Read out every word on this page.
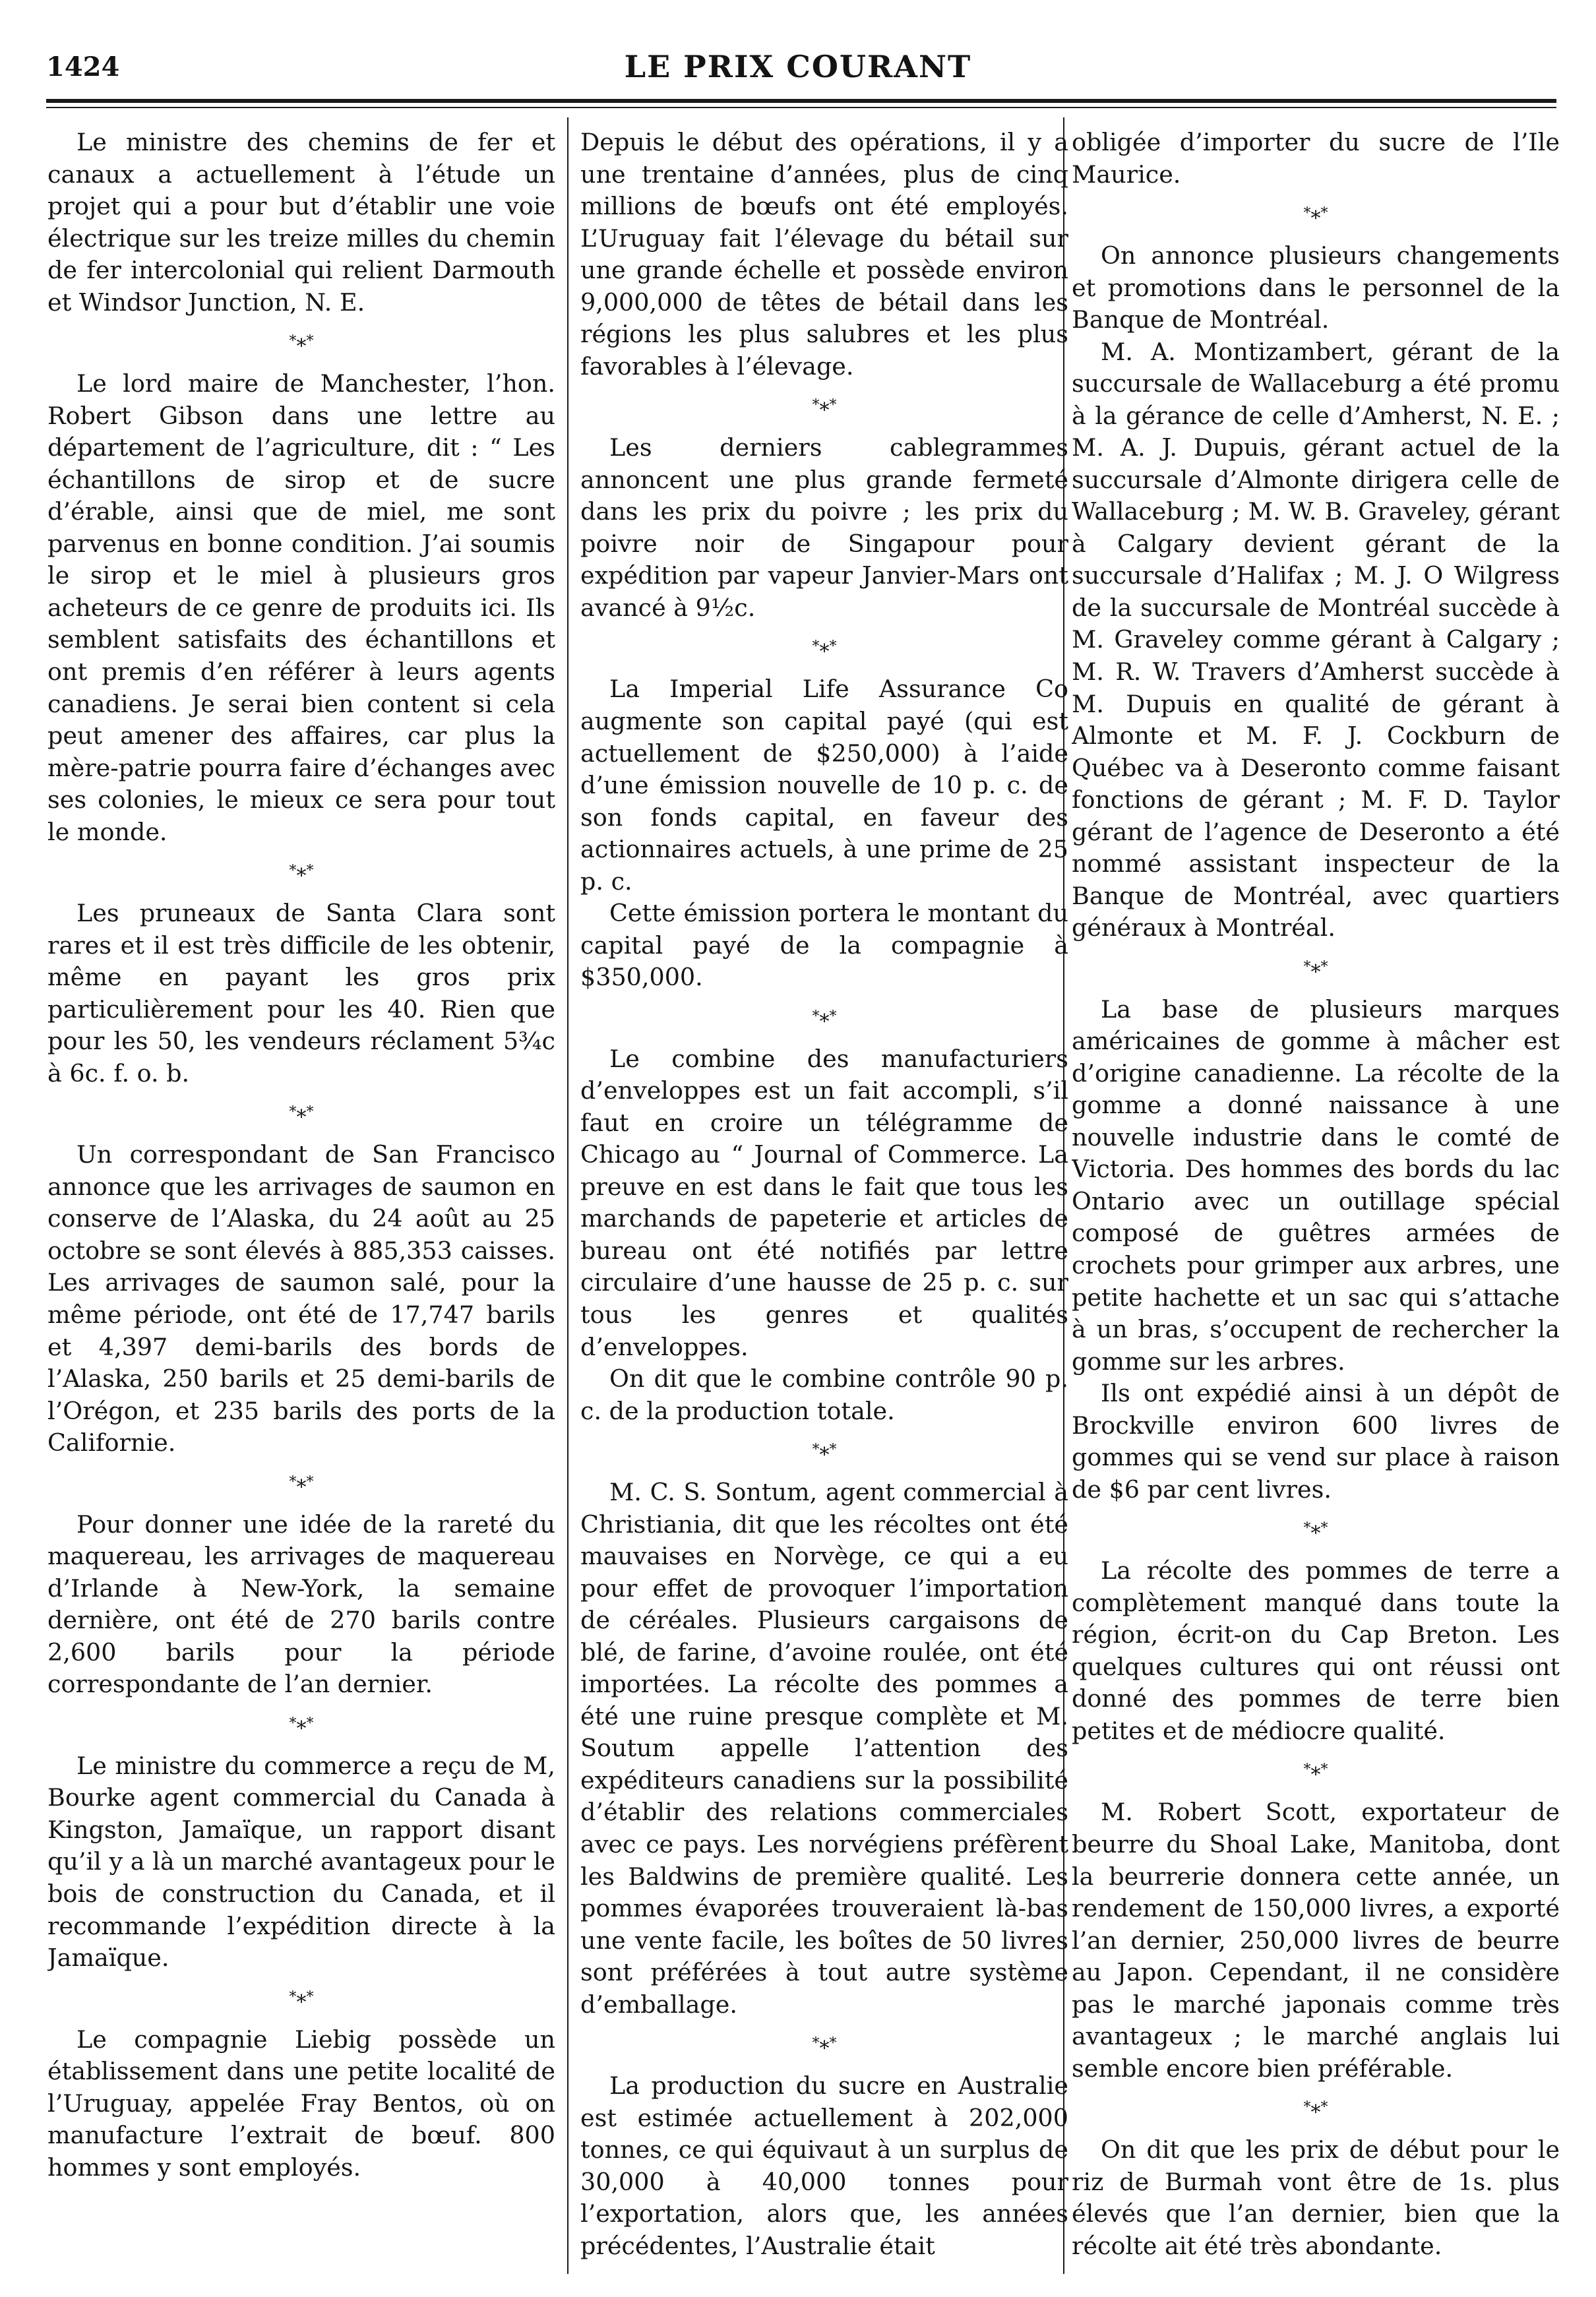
1424	LE PRIX COURANT

Le ministre des chemins de fer et canaux a actuellement à l’étude un projet qui a pour but d’établir une voie électrique sur les treize milles du chemin de fer intercolonial qui relient Darmouth et Windsor Junction, N. E.

***

Le lord maire de Manchester, l’hon. Robert Gibson dans une lettre au département de l’agriculture, dit : “ Les échantillons de sirop et de sucre d’érable, ainsi que de miel, me sont parvenus en bonne condition. J’ai soumis le sirop et le miel à plusieurs gros acheteurs de ce genre de produits ici. Ils semblent satisfaits des échantillons et ont premis d’en référer à leurs agents canadiens. Je serai bien content si cela peut amener des affaires, car plus la mère-patrie pourra faire d’échanges avec ses colonies, le mieux ce sera pour tout le monde.

***

Les pruneaux de Santa Clara sont rares et il est très difficile de les obtenir, même en payant les gros prix particulièrement pour les 40. Rien que pour les 50, les vendeurs réclament 5¾c à 6c. f. o. b.

***

Un correspondant de San Francisco annonce que les arrivages de saumon en conserve de l’Alaska, du 24 août au 25 octobre se sont élevés à 885,353 caisses. Les arrivages de saumon salé, pour la même période, ont été de 17,747 barils et 4,397 demi-barils des bords de l’Alaska, 250 barils et 25 demi-barils de l’Orégon, et 235 barils des ports de la Californie.

***

Pour donner une idée de la rareté du maquereau, les arrivages de maquereau d’Irlande à New-York, la semaine dernière, ont été de 270 barils contre 2,600 barils pour la période correspondante de l’an dernier.

***

Le ministre du commerce a reçu de M, Bourke agent commercial du Canada à Kingston, Jamaïque, un rapport disant qu’il y a là un marché avantageux pour le bois de construction du Canada, et il recommande l’expédition directe à la Jamaïque.

***

Le compagnie Liebig possède un établissement dans une petite localité de l’Uruguay, appelée Fray Bentos, où on manufacture l’extrait de bœuf. 800 hommes y sont employés.

Depuis le début des opérations, il y a une trentaine d’années, plus de cinq millions de bœufs ont été employés. L’Uruguay fait l’élevage du bétail sur une grande échelle et possède environ 9,000,000 de têtes de bétail dans les régions les plus salubres et les plus favorables à l’élevage.

***

Les derniers cablegrammes annoncent une plus grande fermeté dans les prix du poivre ; les prix du poivre noir de Singapour pour expédition par vapeur Janvier-Mars ont avancé à 9½c.

***

La Imperial Life Assurance Co augmente son capital payé (qui est actuellement de $250,000) à l’aide d’une émission nouvelle de 10 p. c. de son fonds capital, en faveur des actionnaires actuels, à une prime de 25 p. c.

Cette émission portera le montant du capital payé de la compagnie à $350,000.

***

Le combine des manufacturiers d’enveloppes est un fait accompli, s’il faut en croire un télégramme de Chicago au “ Journal of Commerce. La preuve en est dans le fait que tous les marchands de papeterie et articles de bureau ont été notifiés par lettre circulaire d’une hausse de 25 p. c. sur tous les genres et qualités d’enveloppes.

On dit que le combine contrôle 90 p. c. de la production totale.

***

M. C. S. Sontum, agent commercial à Christiania, dit que les récoltes ont été mauvaises en Norvège, ce qui a eu pour effet de provoquer l’importation de céréales. Plusieurs cargaisons de blé, de farine, d’avoine roulée, ont été importées. La récolte des pommes a été une ruine presque complète et M. Soutum appelle l’attention des expéditeurs canadiens sur la possibilité d’établir des relations commerciales avec ce pays. Les norvégiens préfèrent les Baldwins de première qualité. Les pommes évaporées trouveraient là-bas une vente facile, les boîtes de 50 livres sont préférées à tout autre système d’emballage.

***

La production du sucre en Australie est estimée actuellement à 202,000 tonnes, ce qui équivaut à un surplus de 30,000 à 40,000 tonnes pour l’exportation, alors que, les années précédentes, l’Australie était

obligée d’importer du sucre de l’Ile Maurice.

***

On annonce plusieurs changements et promotions dans le personnel de la Banque de Montréal.

M. A. Montizambert, gérant de la succursale de Wallaceburg a été promu à la gérance de celle d’Amherst, N. E. ; M. A. J. Dupuis, gérant actuel de la succursale d’Almonte dirigera celle de Wallaceburg ; M. W. B. Graveley, gérant à Calgary devient gérant de la succursale d’Halifax ; M. J. O Wilgress de la succursale de Montréal succède à M. Graveley comme gérant à Calgary ; M. R. W. Travers d’Amherst succède à M. Dupuis en qualité de gérant à Almonte et M. F. J. Cockburn de Québec va à Deseronto comme faisant fonctions de gérant ; M. F. D. Taylor gérant de l’agence de Deseronto a été nommé assistant inspecteur de la Banque de Montréal, avec quartiers généraux à Montréal.

***

La base de plusieurs marques américaines de gomme à mâcher est d’origine canadienne. La récolte de la gomme a donné naissance à une nouvelle industrie dans le comté de Victoria. Des hommes des bords du lac Ontario avec un outillage spécial composé de guêtres armées de crochets pour grimper aux arbres, une petite hachette et un sac qui s’attache à un bras, s’occupent de rechercher la gomme sur les arbres.

Ils ont expédié ainsi à un dépôt de Brockville environ 600 livres de gommes qui se vend sur place à raison de $6 par cent livres.

***

La récolte des pommes de terre a complètement manqué dans toute la région, écrit-on du Cap Breton. Les quelques cultures qui ont réussi ont donné des pommes de terre bien petites et de médiocre qualité.

***

M. Robert Scott, exportateur de beurre du Shoal Lake, Manitoba, dont la beurrerie donnera cette année, un rendement de 150,000 livres, a exporté l’an dernier, 250,000 livres de beurre au Japon. Cependant, il ne considère pas le marché japonais comme très avantageux ; le marché anglais lui semble encore bien préférable.

***

On dit que les prix de début pour le riz de Burmah vont être de 1s. plus élevés que l’an dernier, bien que la récolte ait été très abondante.
